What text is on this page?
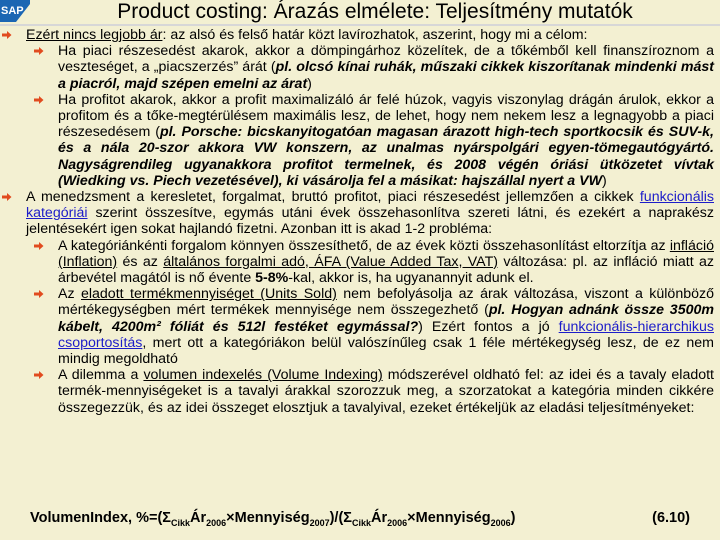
SAP	Product costing: Árazás elmélete: Teljesítmény mutatók

Ezért nincs legjobb ár: az alsó és felső határ közt lavírozhatok, aszerint, hogy mi a célom:

Ha piaci részesedést akarok, akkor a dömpingárhoz közelítek, de a tőkémből kell finanszíroznom a veszteséget, a „piacszerzés” árát (pl. olcsó kínai ruhák, műszaki cikkek kiszorítanak mindenki mást a piacról, majd szépen emelni az árat)

Ha profitot akarok, akkor a profit maximalizáló ár felé húzok, vagyis viszonylag drágán árulok, ekkor a profitom és a tőke-megtérülésem maximális lesz, de lehet, hogy nem nekem lesz a legnagyobb a piaci részesedésem (pl. Porsche: bicskanyitogatóan magasan árazott high-tech sportkocsik és SUV-k, és a nála 20-szor akkora VW konszern, az unalmas nyárspolgári egyen-tömegautógyártó. Nagyságrendileg ugyanakkora profitot termelnek, és 2008 végén óriási ütközetet vívtak (Wiedking vs. Piech vezetésével), ki vásárolja fel a másikat: hajszállal nyert a VW)

A menedzsment a keresletet, forgalmat, bruttó profitot, piaci részesedést jellemzően a cikkek funkcionális kategóriái szerint összesítve, egymás utáni évek összehasonlítva szereti látni, és ezekért a naprakész jelentésekért igen sokat hajlandó fizetni. Azonban itt is akad 1-2 probléma:

A kategóriánkénti forgalom könnyen összesíthető, de az évek közti összehasonlítást eltorzítja az infláció (Inflation) és az általános forgalmi adó, ÁFA (Value Added Tax, VAT) változása: pl. az infláció miatt az árbevétel magától is nő évente 5-8%-kal, akkor is, ha ugyanannyit adunk el.

Az eladott termékmennyiséget (Units Sold) nem befolyásolja az árak változása, viszont a különböző mértékegységben mért termékek mennyisége nem összegezhető (pl. Hogyan adnánk össze 3500m kábelt, 4200m² fóliát és 512l festéket egymással?) Ezért fontos a jó funkcionális-hierarchikus csoportosítás, mert ott a kategóriákon belül valószínűleg csak 1 féle mértékegység lesz, de ez nem mindig megoldható

A dilemma a volumen indexelés (Volume Indexing) módszerével oldható fel: az idei és a tavaly eladott termék-mennyiségeket is a tavalyi árakkal szorozzuk meg, a szorzatokat a kategória minden cikkére összegezzük, és az idei összeget elosztjuk a tavalyival, ezeket értékeljük az eladási teljesítményeket:

VolumenIndex, $\%=(\Sigma_{Cikk}Ár_{2006}\times Mennyiség_{2007})/(\Sigma_{Cikk}Ár_{2006}\times Mennyiség_{2006})$	(6.10)
